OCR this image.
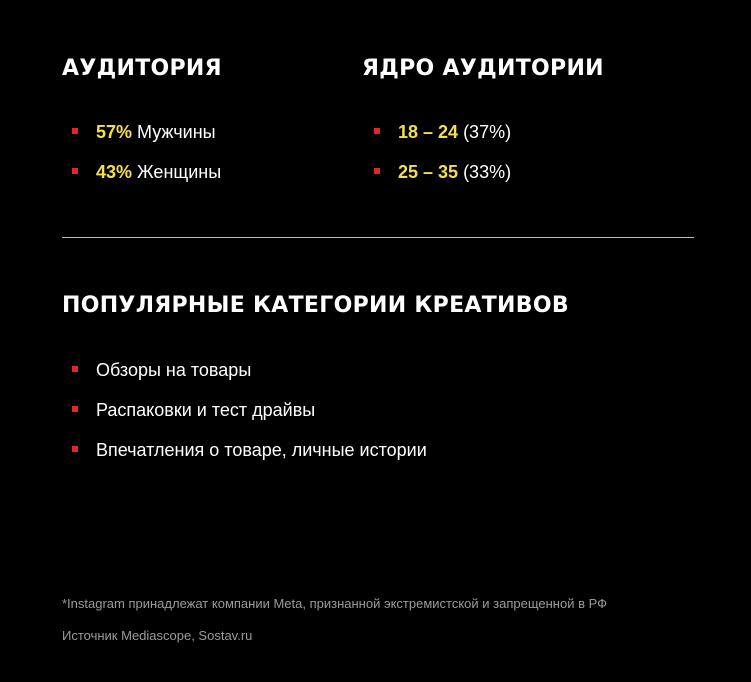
АУДИТОРИЯ
57% Мужчины
43% Женщины
ЯДРО АУДИТОРИИ
18 – 24 (37%)
25 – 35 (33%)
ПОПУЛЯРНЫЕ КАТЕГОРИИ КРЕАТИВОВ
Обзоры на товары
Распаковки и тест драйвы
Впечатления о товаре, личные истории
*Instagram принадлежат компании Meta, признанной экстремистской и запрещенной в РФ
Источник Mediascope, Sostav.ru
